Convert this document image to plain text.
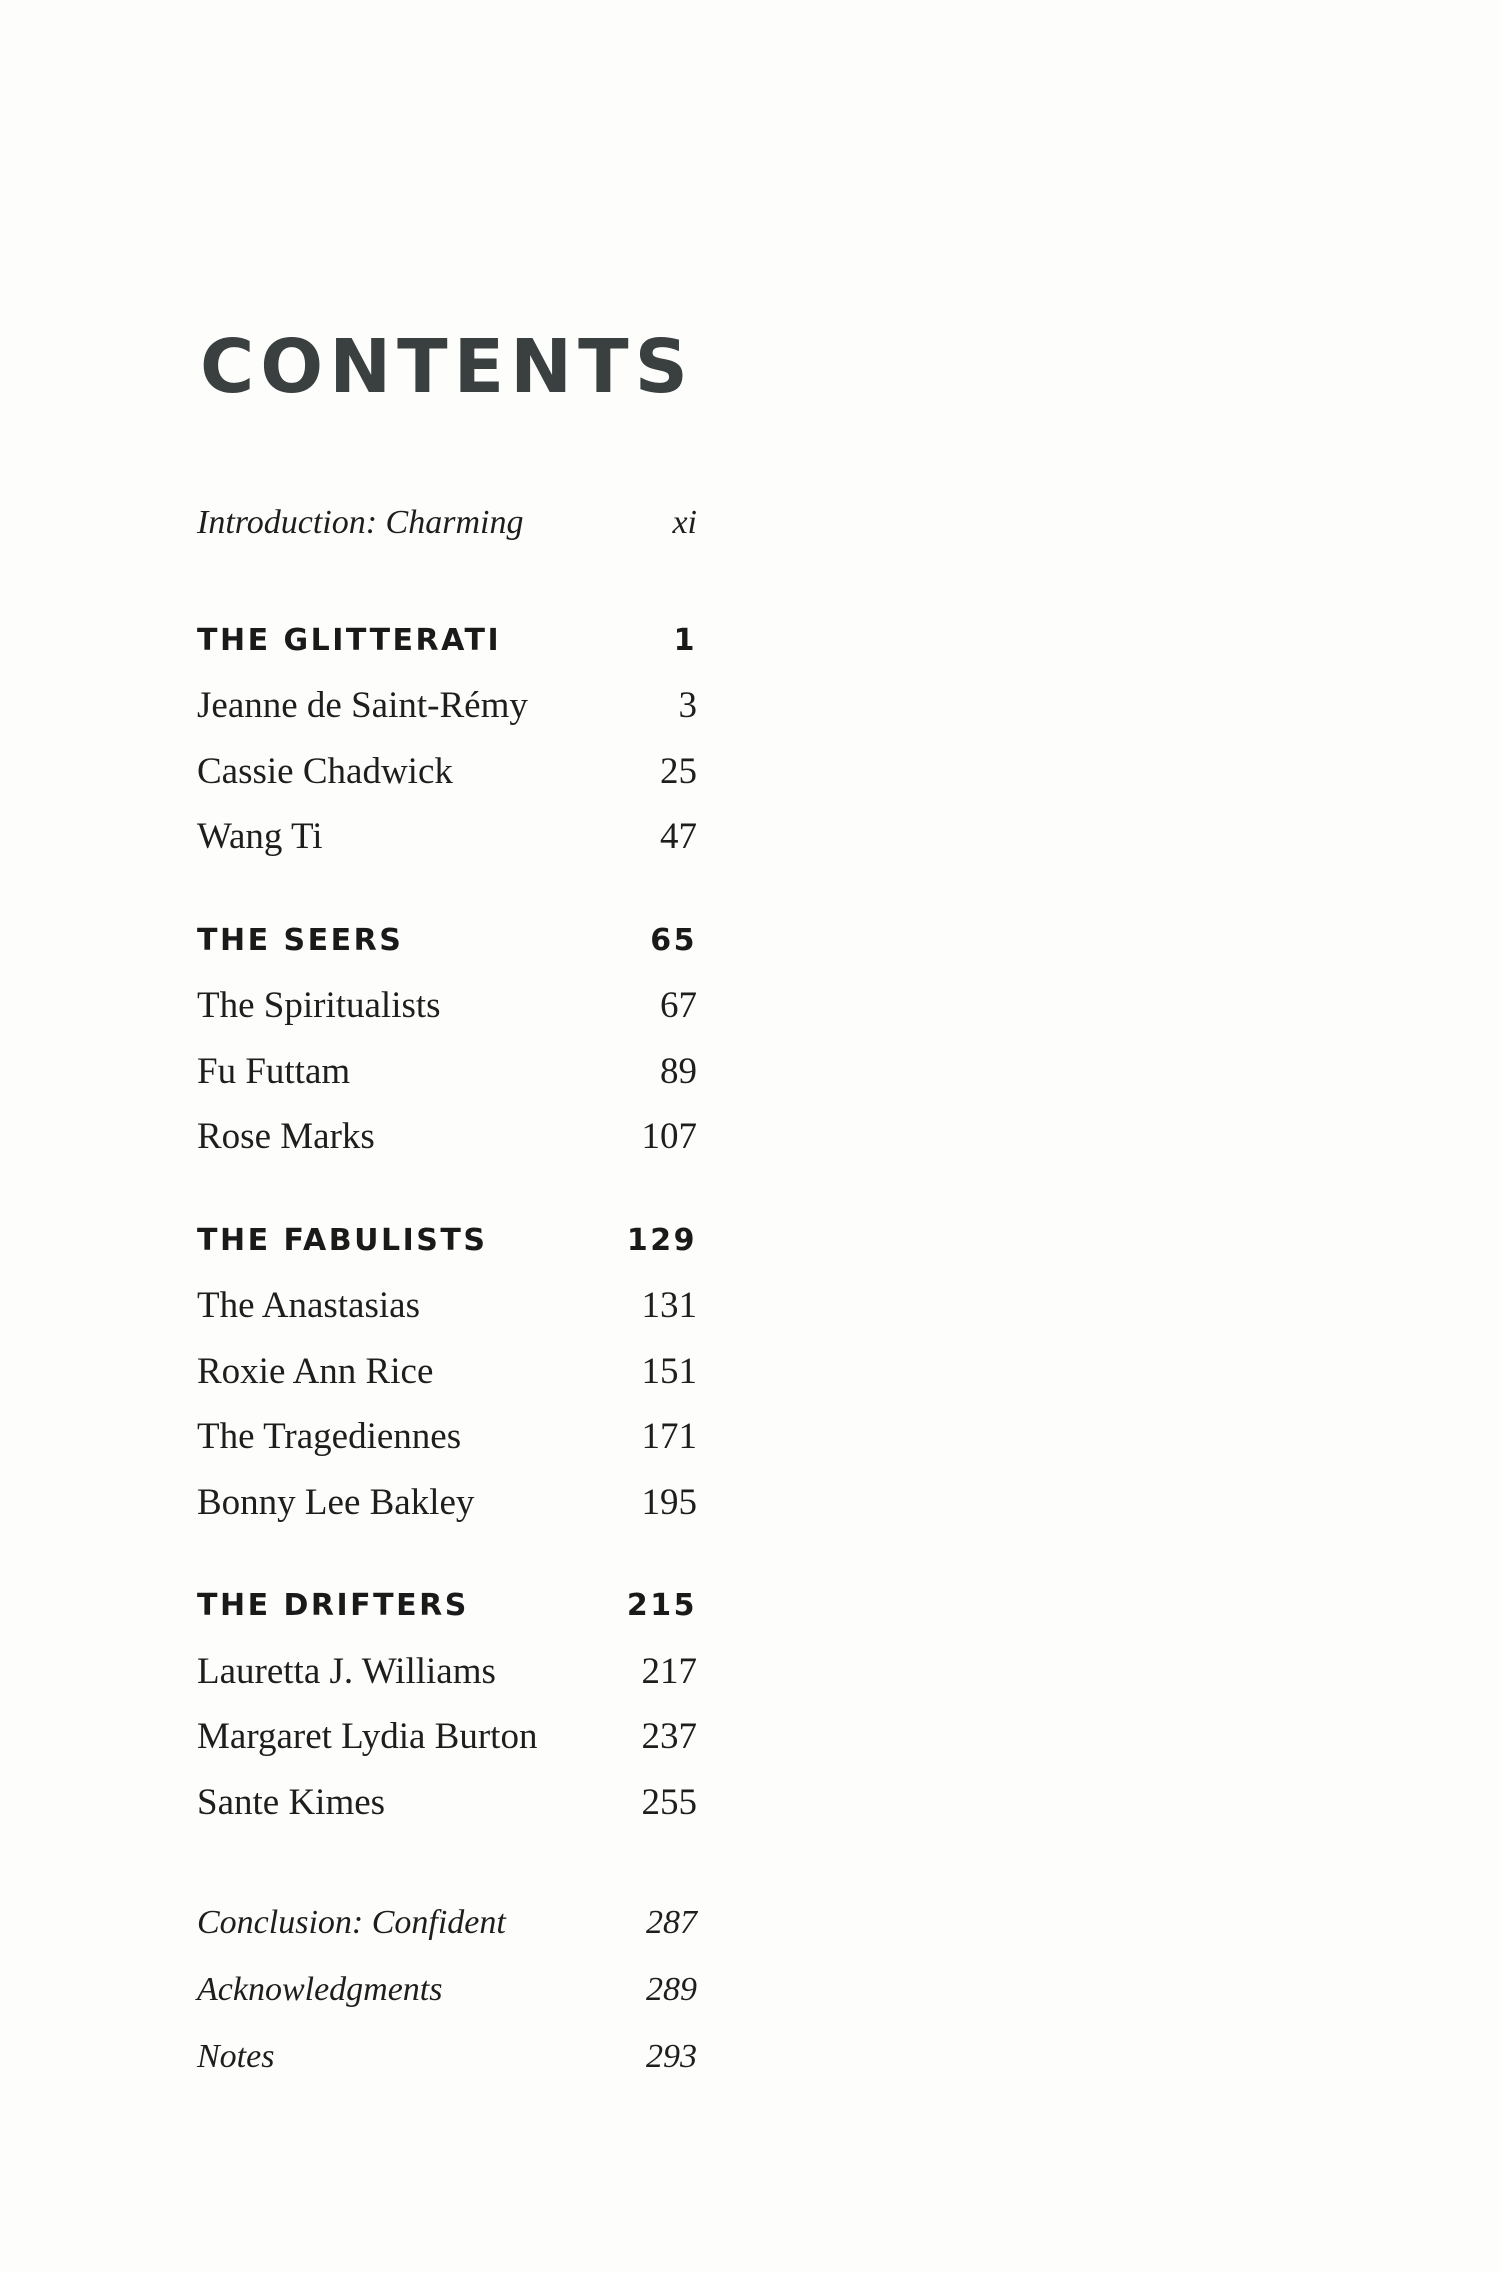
CONTENTS
Introduction: Charming	xi
THE GLITTERATI	1
Jeanne de Saint-Rémy	3
Cassie Chadwick	25
Wang Ti	47
THE SEERS	65
The Spiritualists	67
Fu Futtam	89
Rose Marks	107
THE FABULISTS	129
The Anastasias	131
Roxie Ann Rice	151
The Tragediennes	171
Bonny Lee Bakley	195
THE DRIFTERS	215
Lauretta J. Williams	217
Margaret Lydia Burton	237
Sante Kimes	255
Conclusion: Confident	287
Acknowledgments	289
Notes	293
